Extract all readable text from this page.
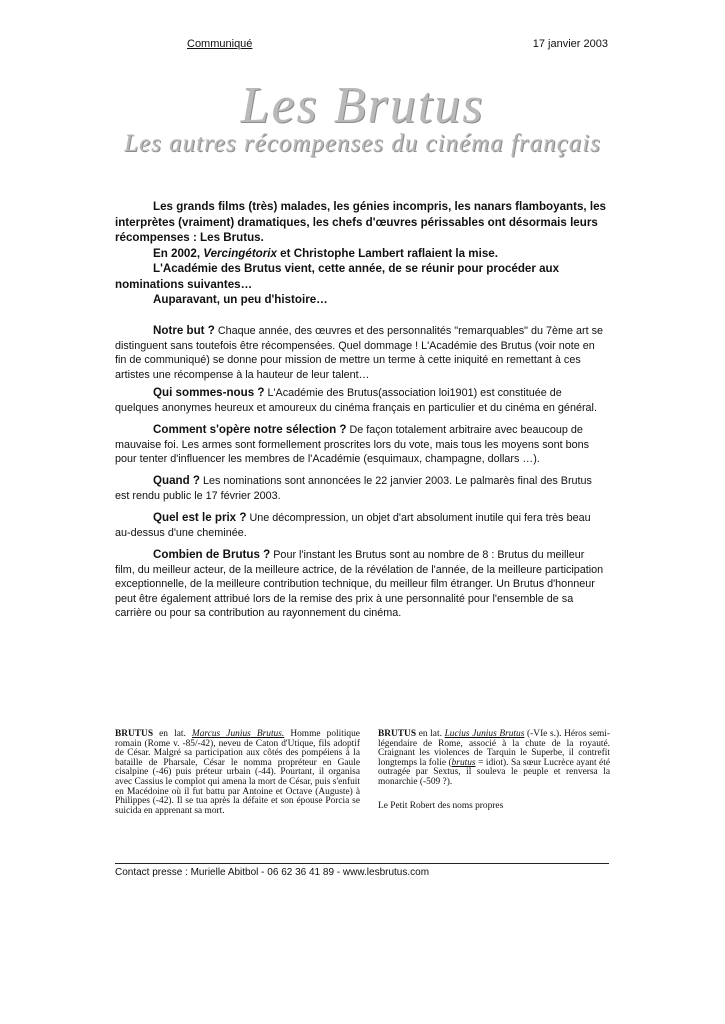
Communiqué	17 janvier 2003
Les Brutus
Les autres récompenses du cinéma français

Les grands films (très) malades, les génies incompris, les nanars flamboyants, les interprètes (vraiment) dramatiques, les chefs d'œuvres périssables ont désormais leurs récompenses : Les Brutus.

En 2002, Vercingétorix et Christophe Lambert raflaient la mise.

L'Académie des Brutus vient, cette année, de se réunir pour procéder aux nominations suivantes…

Auparavant, un peu d'histoire…

Notre but ? Chaque année, des œuvres et des personnalités "remarquables" du 7ème art se distinguent sans toutefois être récompensées. Quel dommage ! L'Académie des Brutus (voir note en fin de communiqué) se donne pour mission de mettre un terme à cette iniquité en remettant à ces artistes une récompense à la hauteur de leur talent…

Qui sommes-nous ? L'Académie des Brutus(association loi1901) est constituée de quelques anonymes heureux et amoureux du cinéma français en particulier et du cinéma en général.

Comment s'opère notre sélection ? De façon totalement arbitraire avec beaucoup de mauvaise foi. Les armes sont formellement proscrites lors du vote, mais tous les moyens sont bons pour tenter d'influencer les membres de l'Académie (esquimaux, champagne, dollars …).

Quand ? Les nominations sont annoncées le 22 janvier 2003. Le palmarès final des Brutus est rendu public le 17 février 2003.

Quel est le prix ? Une décompression, un objet d'art absolument inutile qui fera très beau au-dessus d'une cheminée.

Combien de Brutus ? Pour l'instant les Brutus sont au nombre de 8 : Brutus du meilleur film, du meilleur acteur, de la meilleure actrice, de la révélation de l'année, de la meilleure participation exceptionnelle, de la meilleure contribution technique, du meilleur film étranger. Un Brutus d'honneur peut être également attribué lors de la remise des prix à une personnalité pour l'ensemble de sa carrière ou pour sa contribution au rayonnement du cinéma.

BRUTUS en lat. Marcus Junius Brutus. Homme politique romain (Rome v. -85/-42), neveu de Caton d'Utique, fils adoptif de César. Malgré sa participation aux côtés des pompéiens à la bataille de Pharsale, César le nomma propréteur en Gaule cisalpine (-46) puis préteur urbain (-44). Pourtant, il organisa avec Cassius le complot qui amena la mort de César, puis s'enfuit en Macédoine où il fut battu par Antoine et Octave (Auguste) à Philippes (-42). Il se tua après la défaite et son épouse Porcia se suicida en apprenant sa mort.
BRUTUS en lat. Lucius Junius Brutus (-VIe s.). Héros semi-légendaire de Rome, associé à la chute de la royauté. Craignant les violences de Tarquin le Superbe, il contrefit longtemps la folie (brutus = idiot). Sa sœur Lucrèce ayant été outragée par Sextus, il souleva le peuple et renversa la monarchie (-509 ?).
Le Petit Robert des noms propres
Contact presse : Murielle Abitbol - 06 62 36 41 89 - www.lesbrutus.com
